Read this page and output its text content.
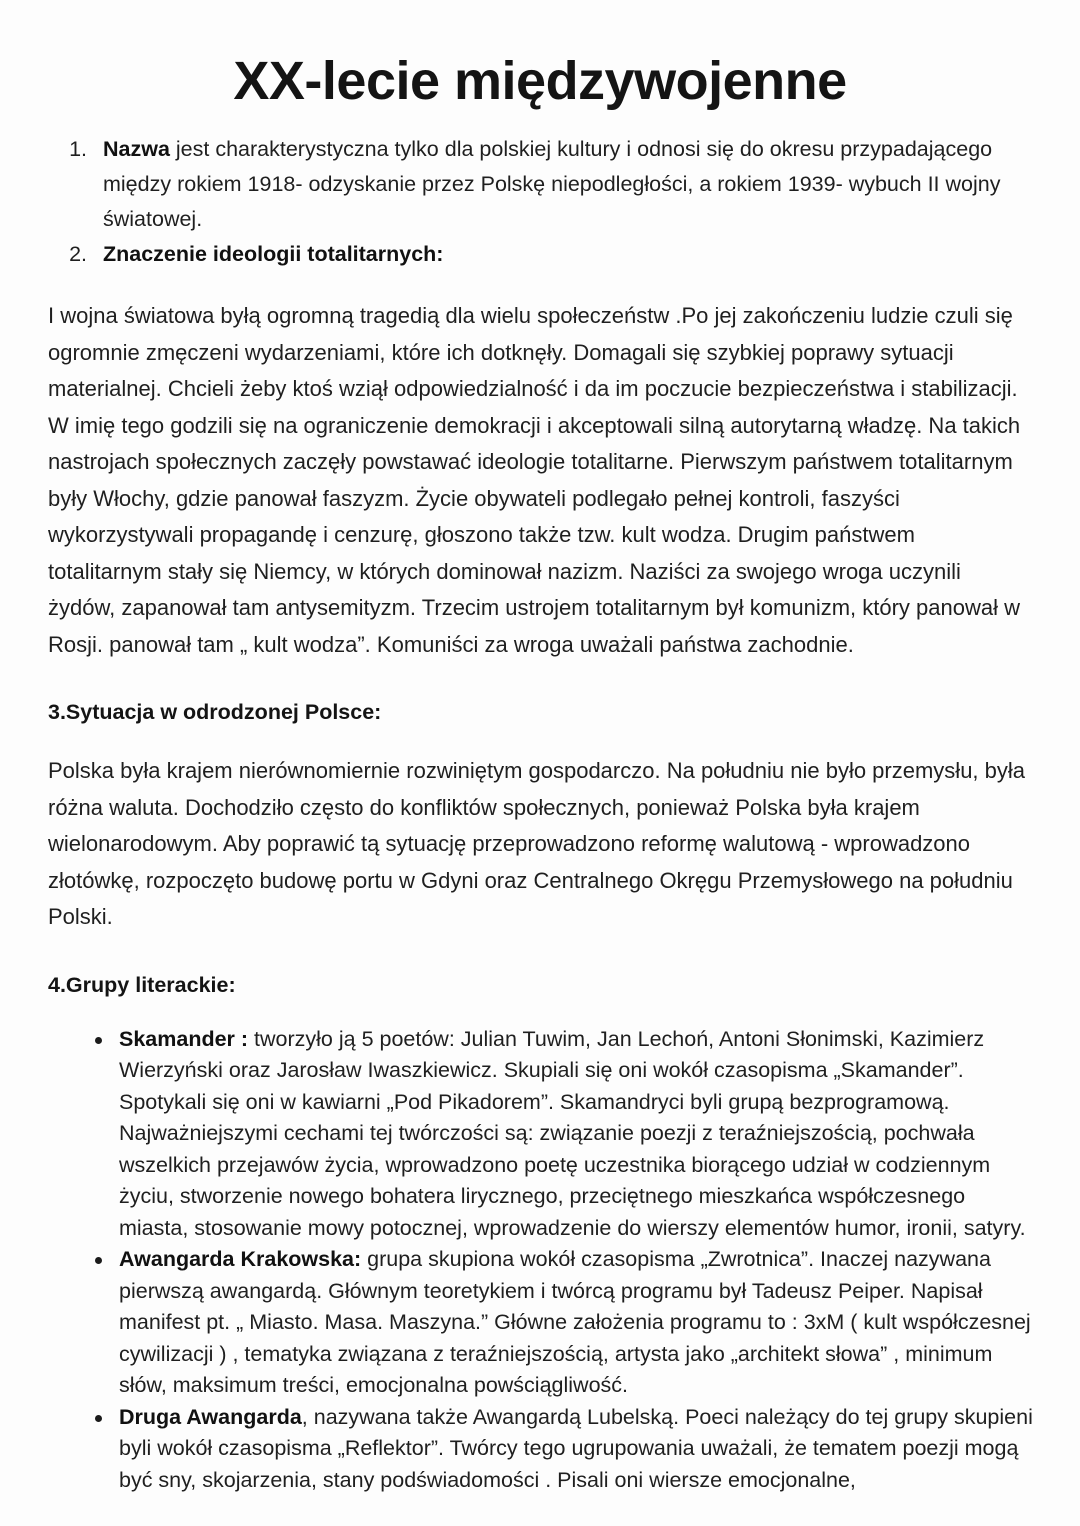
XX-lecie międzywojenne
1. Nazwa jest charakterystyczna tylko dla polskiej kultury i odnosi się do okresu przypadającego między rokiem 1918- odzyskanie przez Polskę niepodległości, a rokiem 1939- wybuch II wojny światowej.
2. Znaczenie ideologii totalitarnych:

I wojna światowa byłą ogromną tragedią dla wielu społeczeństw .Po jej zakończeniu ludzie czuli się ogromnie zmęczeni wydarzeniami, które ich dotknęły. Domagali się szybkiej poprawy sytuacji materialnej. Chcieli żeby ktoś wziął odpowiedzialność i da im poczucie bezpieczeństwa i stabilizacji. W imię tego godzili się na ograniczenie demokracji i akceptowali silną autorytarną władzę. Na takich nastrojach społecznych zaczęły powstawać ideologie totalitarne. Pierwszym państwem totalitarnym były Włochy, gdzie panował faszyzm. Życie obywateli podlegało pełnej kontroli, faszyści wykorzystywali propagandę i cenzurę, głoszono także tzw. kult wodza. Drugim państwem totalitarnym stały się Niemcy, w których dominował nazizm. Naziści za swojego wroga uczynili żydów, zapanował tam antysemityzm. Trzecim ustrojem totalitarnym był komunizm, który panował w Rosji. panował tam „ kult wodza”. Komuniści za wroga uważali państwa zachodnie.

3.Sytuacja w odrodzonej Polsce:

Polska była krajem nierównomiernie rozwiniętym gospodarczo. Na południu nie było przemysłu, była różna waluta. Dochodziło często do konfliktów społecznych, ponieważ Polska była krajem wielonarodowym. Aby poprawić tą sytuację przeprowadzono reformę walutową - wprowadzono złotówkę, rozpoczęto budowę portu w Gdyni oraz Centralnego Okręgu Przemysłowego na południu Polski.

4.Grupy literackie:
Skamander : tworzyło ją 5 poetów: Julian Tuwim, Jan Lechoń, Antoni Słonimski, Kazimierz Wierzyński oraz Jarosław Iwaszkiewicz. Skupiali się oni wokół czasopisma „Skamander”. Spotykali się oni w kawiarni „Pod Pikadorem”. Skamandryci byli grupą bezprogramową. Najważniejszymi cechami tej twórczości są: związanie poezji z teraźniejszością, pochwała wszelkich przejawów życia, wprowadzono poetę uczestnika biorącego udział w codziennym życiu, stworzenie nowego bohatera lirycznego, przeciętnego mieszkańca współczesnego miasta, stosowanie mowy potocznej, wprowadzenie do wierszy elementów humor, ironii, satyry.
Awangarda Krakowska: grupa skupiona wokół czasopisma „Zwrotnica”. Inaczej nazywana pierwszą awangardą. Głównym teoretykiem i twórcą programu był Tadeusz Peiper. Napisał manifest pt. „ Miasto. Masa. Maszyna.” Główne założenia programu to : 3xM ( kult współczesnej cywilizacji ) , tematyka związana z teraźniejszością, artysta jako „architekt słowa” , minimum słów, maksimum treści, emocjonalna powściągliwość.
Druga Awangarda, nazywana także Awangardą Lubelską. Poeci należący do tej grupy skupieni byli wokół czasopisma „Reflektor”. Twórcy tego ugrupowania uważali, że tematem poezji mogą być sny, skojarzenia, stany podświadomości . Pisali oni wiersze emocjonalne,
